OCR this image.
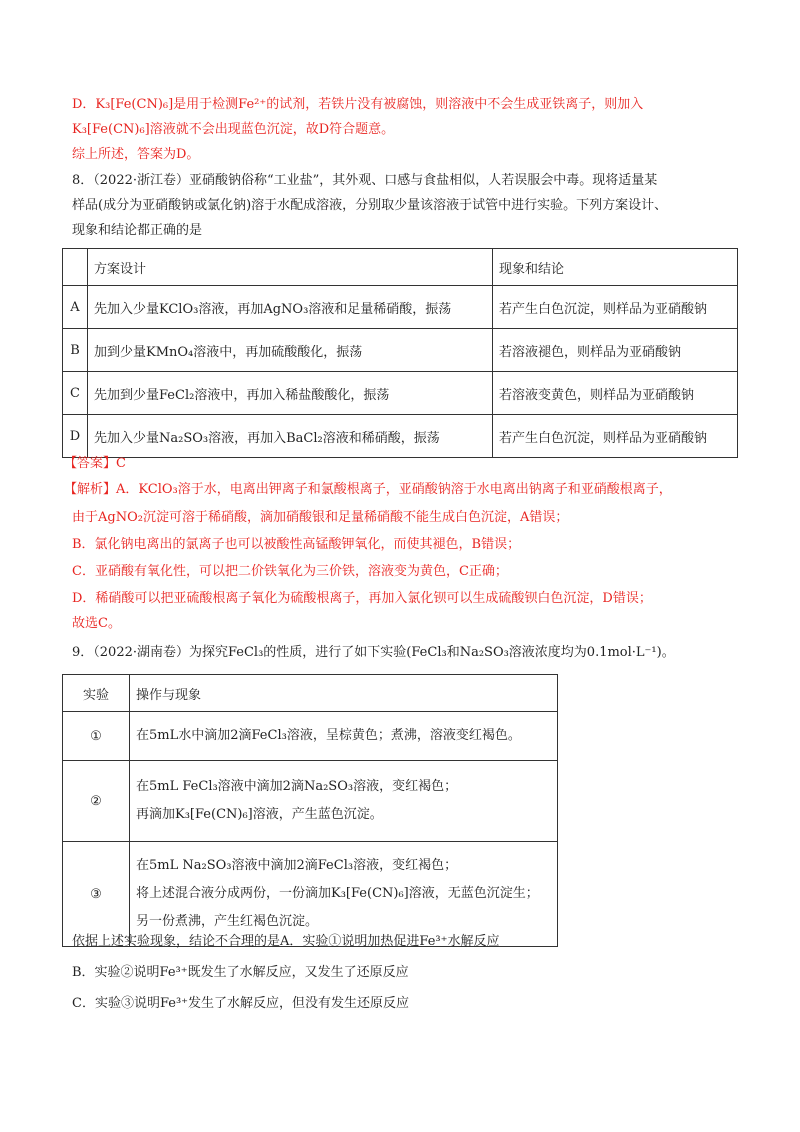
D．K₃[Fe(CN)₆]是用于检测Fe²⁺的试剂，若铁片没有被腐蚀，则溶液中不会生成亚铁离子，则加入
K₃[Fe(CN)₆]溶液就不会出现蓝色沉淀，故D符合题意。
综上所述，答案为D。
8．（2022·浙江卷）亚硝酸钠俗称“工业盐”，其外观、口感与食盐相似，人若误服会中毒。现将适量某
样品(成分为亚硝酸钠或氯化钠)溶于水配成溶液，分别取少量该溶液于试管中进行实验。下列方案设计、
现象和结论都正确的是
	方案设计	现象和结论
A	先加入少量KClO₃溶液，再加AgNO₃溶液和足量稀硝酸，振荡	若产生白色沉淀，则样品为亚硝酸钠
B	加到少量KMnO₄溶液中，再加硫酸酸化，振荡	若溶液褪色，则样品为亚硝酸钠
C	先加到少量FeCl₂溶液中，再加入稀盐酸酸化，振荡	若溶液变黄色，则样品为亚硝酸钠
D	先加入少量Na₂SO₃溶液，再加入BaCl₂溶液和稀硝酸，振荡	若产生白色沉淀，则样品为亚硝酸钠
【答案】C
【解析】A．KClO₃溶于水，电离出钾离子和氯酸根离子，亚硝酸钠溶于水电离出钠离子和亚硝酸根离子，
由于AgNO₂沉淀可溶于稀硝酸，滴加硝酸银和足量稀硝酸不能生成白色沉淀，A错误；
B．氯化钠电离出的氯离子也可以被酸性高锰酸钾氧化，而使其褪色，B错误；
C．亚硝酸有氧化性，可以把二价铁氧化为三价铁，溶液变为黄色，C正确；
D．稀硝酸可以把亚硫酸根离子氧化为硫酸根离子，再加入氯化钡可以生成硫酸钡白色沉淀，D错误；
故选C。
9．（2022·湖南卷）为探究FeCl₃的性质，进行了如下实验(FeCl₃和Na₂SO₃溶液浓度均为0.1mol·L⁻¹)。
实验	操作与现象
①	在5mL水中滴加2滴FeCl₃溶液，呈棕黄色；煮沸，溶液变红褐色。

②	在5mL FeCl₃溶液中滴加2滴Na₂SO₃溶液，变红褐色；
再滴加K₃[Fe(CN)₆]溶液，产生蓝色沉淀。

③	在5mL Na₂SO₃溶液中滴加2滴FeCl₃溶液，变红褐色；
将上述混合液分成两份，一份滴加K₃[Fe(CN)₆]溶液，无蓝色沉淀生；
另一份煮沸，产生红褐色沉淀。
依据上述实验现象，结论不合理的是A．实验①说明加热促进Fe³⁺水解反应
B．实验②说明Fe³⁺既发生了水解反应，又发生了还原反应
C．实验③说明Fe³⁺发生了水解反应，但没有发生还原反应
